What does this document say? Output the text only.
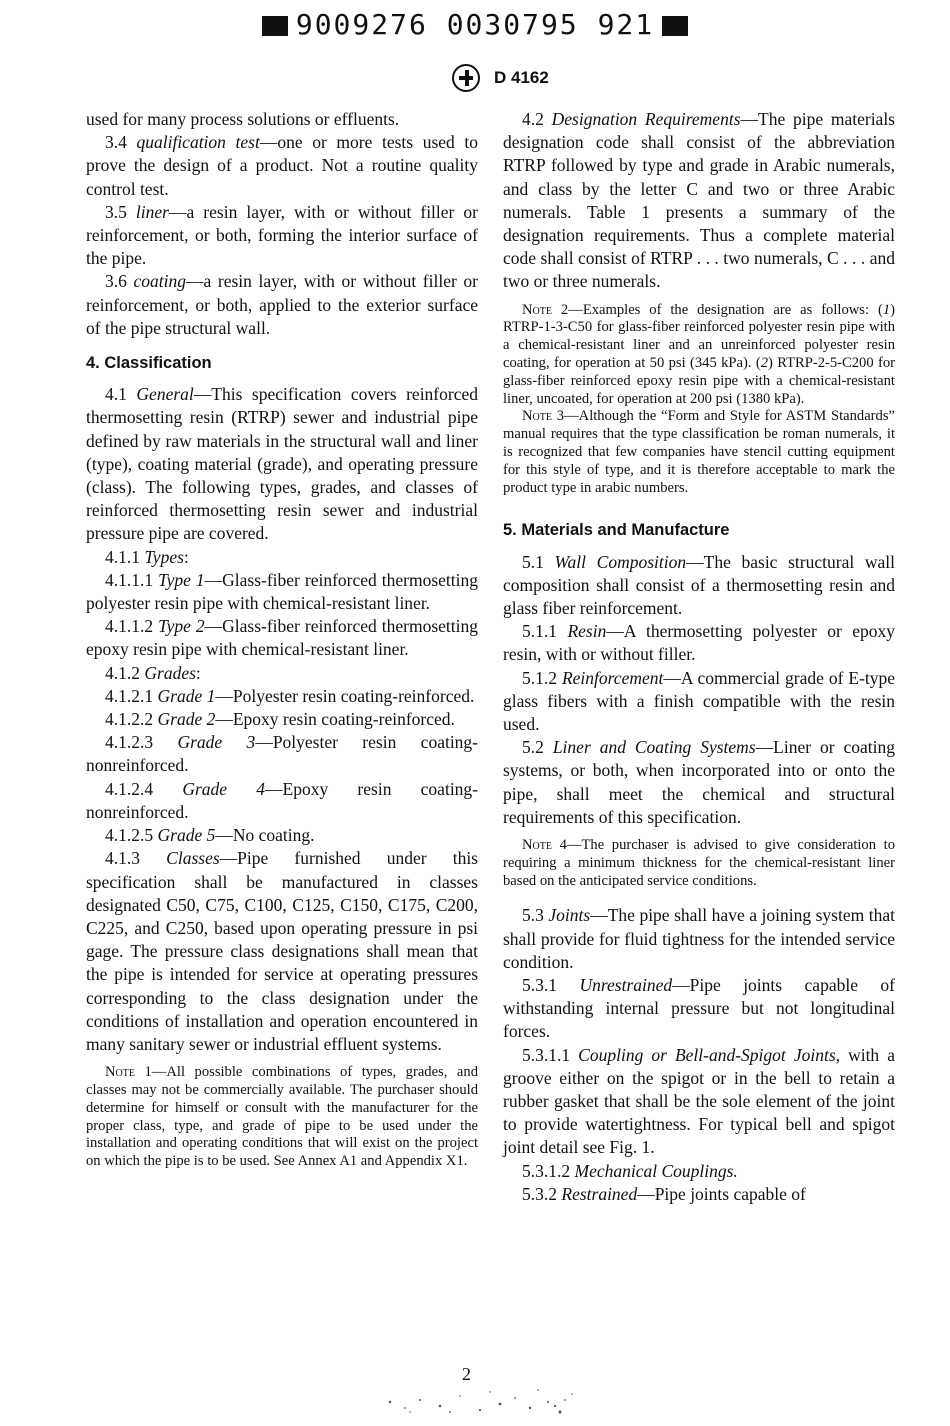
9009276 0030795 921
D 4162

used for many process solutions or effluents.

3.4 qualification test—one or more tests used to prove the design of a product. Not a routine quality control test.

3.5 liner—a resin layer, with or without filler or reinforcement, or both, forming the interior surface of the pipe.

3.6 coating—a resin layer, with or without filler or reinforcement, or both, applied to the exterior surface of the pipe structural wall.

4. Classification

4.1 General—This specification covers reinforced thermosetting resin (RTRP) sewer and industrial pipe defined by raw materials in the structural wall and liner (type), coating material (grade), and operating pressure (class). The following types, grades, and classes of reinforced thermosetting resin sewer and industrial pressure pipe are covered.

4.1.1 Types:

4.1.1.1 Type 1—Glass-fiber reinforced thermosetting polyester resin pipe with chemical-resistant liner.

4.1.1.2 Type 2—Glass-fiber reinforced thermosetting epoxy resin pipe with chemical-resistant liner.

4.1.2 Grades:

4.1.2.1 Grade 1—Polyester resin coating-reinforced.

4.1.2.2 Grade 2—Epoxy resin coating-reinforced.

4.1.2.3 Grade 3—Polyester resin coating-nonreinforced.

4.1.2.4 Grade 4—Epoxy resin coating-nonreinforced.

4.1.2.5 Grade 5—No coating.

4.1.3 Classes—Pipe furnished under this specification shall be manufactured in classes designated C50, C75, C100, C125, C150, C175, C200, C225, and C250, based upon operating pressure in psi gage. The pressure class designations shall mean that the pipe is intended for service at operating pressures corresponding to the class designation under the conditions of installation and operation encountered in many sanitary sewer or industrial effluent systems.

Note 1—All possible combinations of types, grades, and classes may not be commercially available. The purchaser should determine for himself or consult with the manufacturer for the proper class, type, and grade of pipe to be used under the installation and operating conditions that will exist on the project on which the pipe is to be used. See Annex A1 and Appendix X1.

4.2 Designation Requirements—The pipe materials designation code shall consist of the abbreviation RTRP followed by type and grade in Arabic numerals, and class by the letter C and two or three Arabic numerals. Table 1 presents a summary of the designation requirements. Thus a complete material code shall consist of RTRP . . . two numerals, C . . . and two or three numerals.

Note 2—Examples of the designation are as follows: (1) RTRP-1-3-C50 for glass-fiber reinforced polyester resin pipe with a chemical-resistant liner and an unreinforced polyester resin coating, for operation at 50 psi (345 kPa). (2) RTRP-2-5-C200 for glass-fiber reinforced epoxy resin pipe with a chemical-resistant liner, uncoated, for operation at 200 psi (1380 kPa).

Note 3—Although the “Form and Style for ASTM Standards” manual requires that the type classification be roman numerals, it is recognized that few companies have stencil cutting equipment for this style of type, and it is therefore acceptable to mark the product type in arabic numbers.

5. Materials and Manufacture

5.1 Wall Composition—The basic structural wall composition shall consist of a thermosetting resin and glass fiber reinforcement.

5.1.1 Resin—A thermosetting polyester or epoxy resin, with or without filler.

5.1.2 Reinforcement—A commercial grade of E-type glass fibers with a finish compatible with the resin used.

5.2 Liner and Coating Systems—Liner or coating systems, or both, when incorporated into or onto the pipe, shall meet the chemical and structural requirements of this specification.

Note 4—The purchaser is advised to give consideration to requiring a minimum thickness for the chemical-resistant liner based on the anticipated service conditions.

5.3 Joints—The pipe shall have a joining system that shall provide for fluid tightness for the intended service condition.

5.3.1 Unrestrained—Pipe joints capable of withstanding internal pressure but not longitudinal forces.

5.3.1.1 Coupling or Bell-and-Spigot Joints, with a groove either on the spigot or in the bell to retain a rubber gasket that shall be the sole element of the joint to provide watertightness. For typical bell and spigot joint detail see Fig. 1.

5.3.1.2 Mechanical Couplings.

5.3.2 Restrained—Pipe joints capable of

2
